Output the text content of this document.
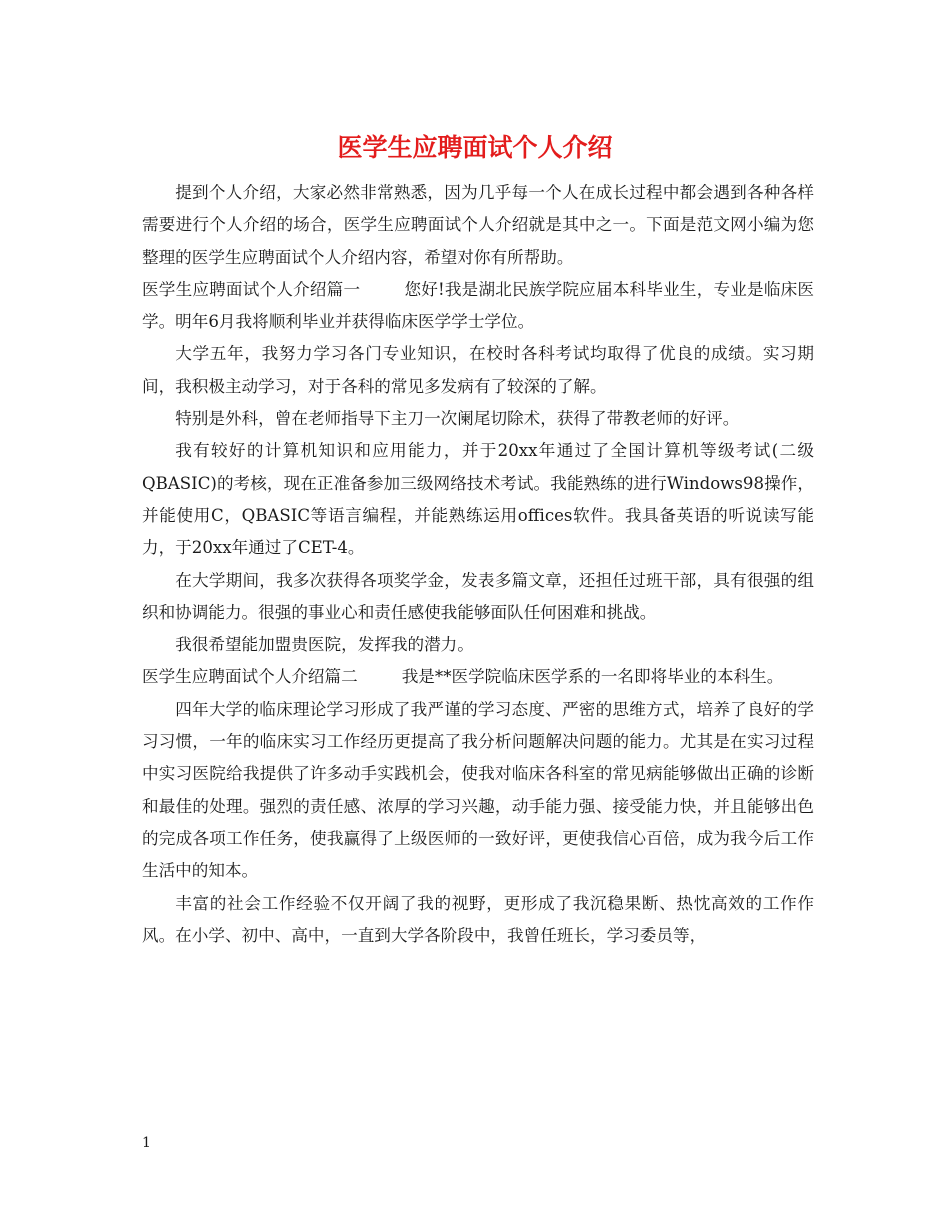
医学生应聘面试个人介绍

提到个人介绍，大家必然非常熟悉，因为几乎每一个人在成长过程中都会遇到各种各样需要进行个人介绍的场合，医学生应聘面试个人介绍就是其中之一。下面是范文网小编为您整理的医学生应聘面试个人介绍内容，希望对你有所帮助。

医学生应聘面试个人介绍篇一	您好!我是湖北民族学院应届本科毕业生，专业是临床医学。明年6月我将顺利毕业并获得临床医学学士学位。

大学五年，我努力学习各门专业知识，在校时各科考试均取得了优良的成绩。实习期间，我积极主动学习，对于各科的常见多发病有了较深的了解。

特别是外科，曾在老师指导下主刀一次阑尾切除术，获得了带教老师的好评。

我有较好的计算机知识和应用能力，并于20xx年通过了全国计算机等级考试(二级QBASIC)的考核，现在正准备参加三级网络技术考试。我能熟练的进行Windows98操作，并能使用C，QBASIC等语言编程，并能熟练运用offices软件。我具备英语的听说读写能力，于20xx年通过了CET-4。

在大学期间，我多次获得各项奖学金，发表多篇文章，还担任过班干部，具有很强的组织和协调能力。很强的事业心和责任感使我能够面队任何困难和挑战。

我很希望能加盟贵医院，发挥我的潜力。

医学生应聘面试个人介绍篇二	我是**医学院临床医学系的一名即将毕业的本科生。

四年大学的临床理论学习形成了我严谨的学习态度、严密的思维方式，培养了良好的学习习惯，一年的临床实习工作经历更提高了我分析问题解决问题的能力。尤其是在实习过程中实习医院给我提供了许多动手实践机会，使我对临床各科室的常见病能够做出正确的诊断和最佳的处理。强烈的责任感、浓厚的学习兴趣，动手能力强、接受能力快，并且能够出色的完成各项工作任务，使我赢得了上级医师的一致好评，更使我信心百倍，成为我今后工作生活中的知本。

丰富的社会工作经验不仅开阔了我的视野，更形成了我沉稳果断、热忱高效的工作作风。在小学、初中、高中，一直到大学各阶段中，我曾任班长，学习委员等，

1
